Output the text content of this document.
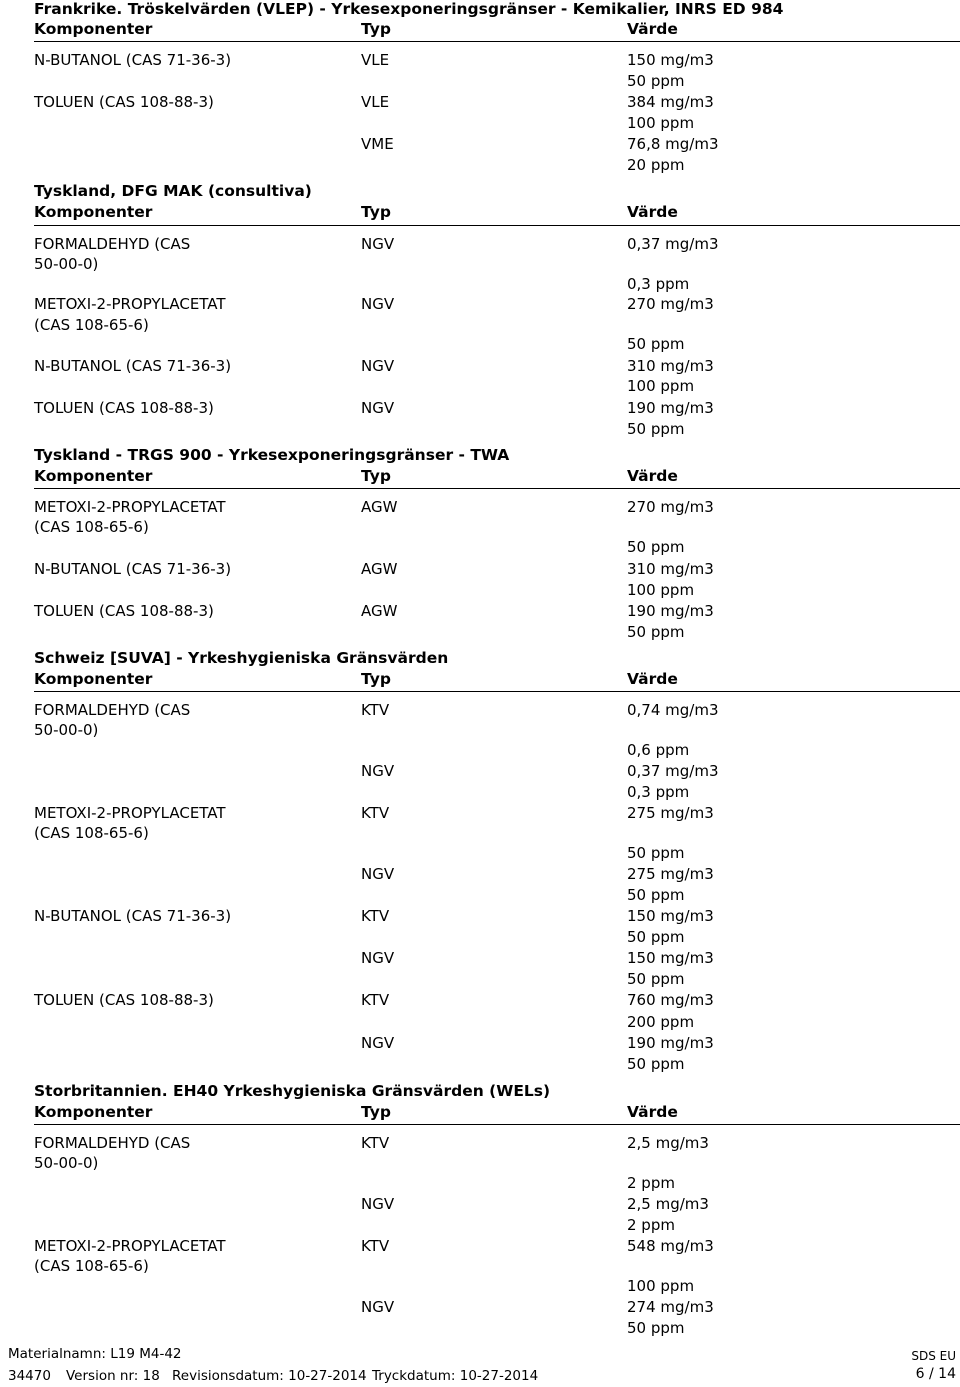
Frankrike. Tröskelvärden (VLEP) - Yrkesexponeringsgränser - Kemikalier, INRS ED 984
Komponenter	Typ	Värde
N-BUTANOL (CAS 71-36-3)	VLE	150 mg/m3
50 ppm
TOLUEN (CAS 108-88-3)	VLE	384 mg/m3
100 ppm
VME	76,8 mg/m3
20 ppm
Tyskland, DFG MAK (consultiva)
Komponenter	Typ	Värde
FORMALDEHYD (CAS
50-00-0)
NGV	0,37 mg/m3
0,3 ppm
METOXI-2-PROPYLACETAT
(CAS 108-65-6)
NGV	270 mg/m3
50 ppm
N-BUTANOL (CAS 71-36-3)	NGV	310 mg/m3
100 ppm
TOLUEN (CAS 108-88-3)	NGV	190 mg/m3
50 ppm
Tyskland - TRGS 900 - Yrkesexponeringsgränser - TWA
Komponenter	Typ	Värde
METOXI-2-PROPYLACETAT
(CAS 108-65-6)
AGW	270 mg/m3
50 ppm
N-BUTANOL (CAS 71-36-3)	AGW	310 mg/m3
100 ppm
TOLUEN (CAS 108-88-3)	AGW	190 mg/m3
50 ppm
Schweiz [SUVA] - Yrkeshygieniska Gränsvärden
Komponenter	Typ	Värde
FORMALDEHYD (CAS
50-00-0)
KTV	0,74 mg/m3
0,6 ppm
NGV	0,37 mg/m3
0,3 ppm
METOXI-2-PROPYLACETAT
(CAS 108-65-6)
KTV	275 mg/m3
50 ppm
NGV	275 mg/m3
50 ppm
N-BUTANOL (CAS 71-36-3)	KTV	150 mg/m3
50 ppm
NGV	150 mg/m3
50 ppm
TOLUEN (CAS 108-88-3)	KTV	760 mg/m3
200 ppm
NGV	190 mg/m3
50 ppm
Storbritannien. EH40 Yrkeshygieniska Gränsvärden (WELs)
Komponenter	Typ	Värde
FORMALDEHYD (CAS
50-00-0)
KTV	2,5 mg/m3
2 ppm
NGV	2,5 mg/m3
2 ppm
METOXI-2-PROPYLACETAT
(CAS 108-65-6)
KTV	548 mg/m3
100 ppm
NGV	274 mg/m3
50 ppm
Materialnamn: L19 M4-42
34470 Version nr: 18 Revisionsdatum: 10-27-2014 Tryckdatum: 10-27-2014
SDS EU
6 / 14
